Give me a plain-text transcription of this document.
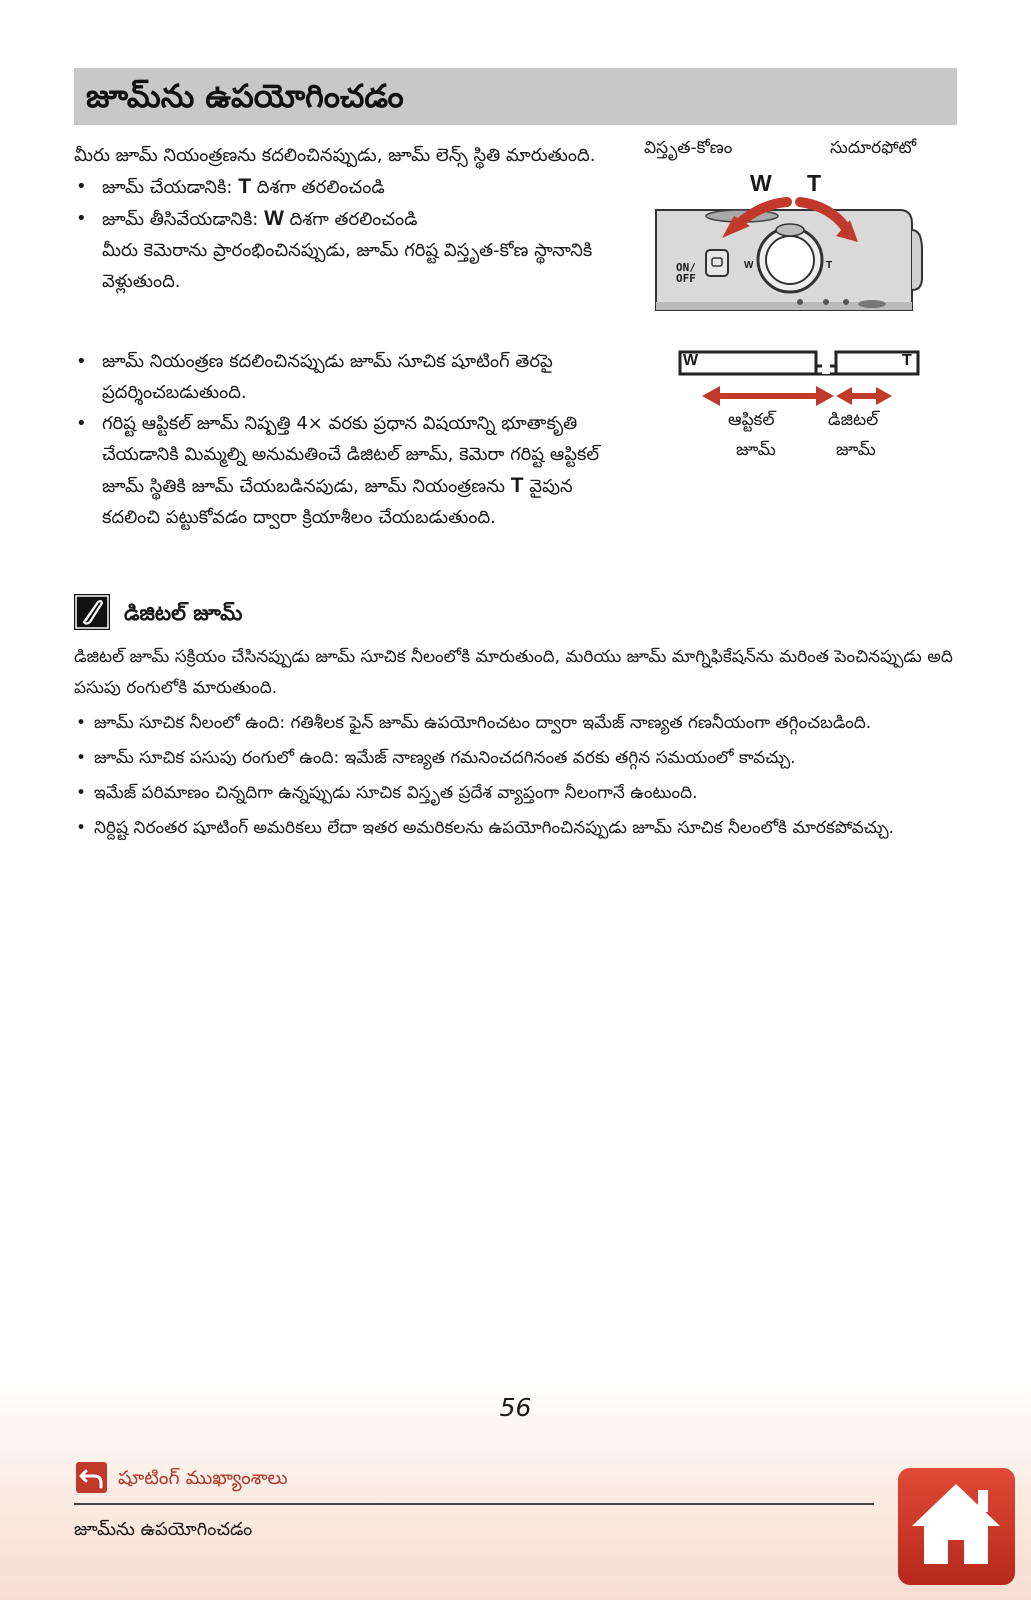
జూమ్‌ను ఉపయోగించడం

మీరు జూమ్ నియంత్రణను కదలించినప్పుడు, జూమ్ లెన్స్ స్థితి మారుతుంది.

• జూమ్ చేయడానికి: T దిశగా తరలించండి
• జూమ్ తీసివేయడానికి: W దిశగా తరలించండి

మీరు కెమెరాను ప్రారంభించినప్పుడు, జూమ్ గరిష్ట విస్తృత-కోణ స్థానానికి వెళ్లుతుంది.

• జూమ్ నియంత్రణ కదలించినప్పుడు జూమ్ సూచిక షూటింగ్ తెరపై ప్రదర్శించబడుతుంది.
• గరిష్ట ఆప్టికల్ జూమ్ నిష్పత్తి 4× వరకు ప్రధాన విషయాన్ని భూతాకృతి చేయడానికి మిమ్మల్ని అనుమతించే డిజిటల్ జూమ్, కెమెరా గరిష్ట ఆప్టికల్ జూమ్ స్థితికి జూమ్ చేయబడినపుడు, జూమ్ నియంత్రణను T వైపున కదలించి పట్టుకోవడం ద్వారా క్రియాశీలం చేయబడుతుంది.
విస్తృత-కోణం	సుదూరఫోటో
W T
ON/
OFF
W	T
W	T
ఆప్టికల్
జూమ్
డిజిటల్
జూమ్
డిజిటల్ జూమ్

డిజిటల్ జూమ్ సక్రియం చేసినప్పుడు జూమ్ సూచిక నీలంలోకి మారుతుంది, మరియు జూమ్ మాగ్నిఫికేషన్‌ను మరింత పెంచినప్పుడు అది పసుపు రంగులోకి మారుతుంది.

• జూమ్ సూచిక నీలంలో ఉంది: గతిశీలక ఫైన్ జూమ్ ఉపయోగించటం ద్వారా ఇమేజ్ నాణ్యత గణనీయంగా తగ్గించబడింది.
• జూమ్ సూచిక పసుపు రంగులో ఉంది: ఇమేజ్ నాణ్యత గమనించదగినంత వరకు తగ్గిన సమయంలో కావచ్చు.
• ఇమేజ్ పరిమాణం చిన్నదిగా ఉన్నప్పుడు సూచిక విస్తృత ప్రదేశ వ్యాప్తంగా నీలంగానే ఉంటుంది.
• నిర్దిష్ట నిరంతర షూటింగ్ అమరికలు లేదా ఇతర అమరికలను ఉపయోగించినప్పుడు జూమ్ సూచిక నీలంలోకి మారకపోవచ్చు.
56
షూటింగ్ ముఖ్యాంశాలు
జూమ్‌ను ఉపయోగించడం
